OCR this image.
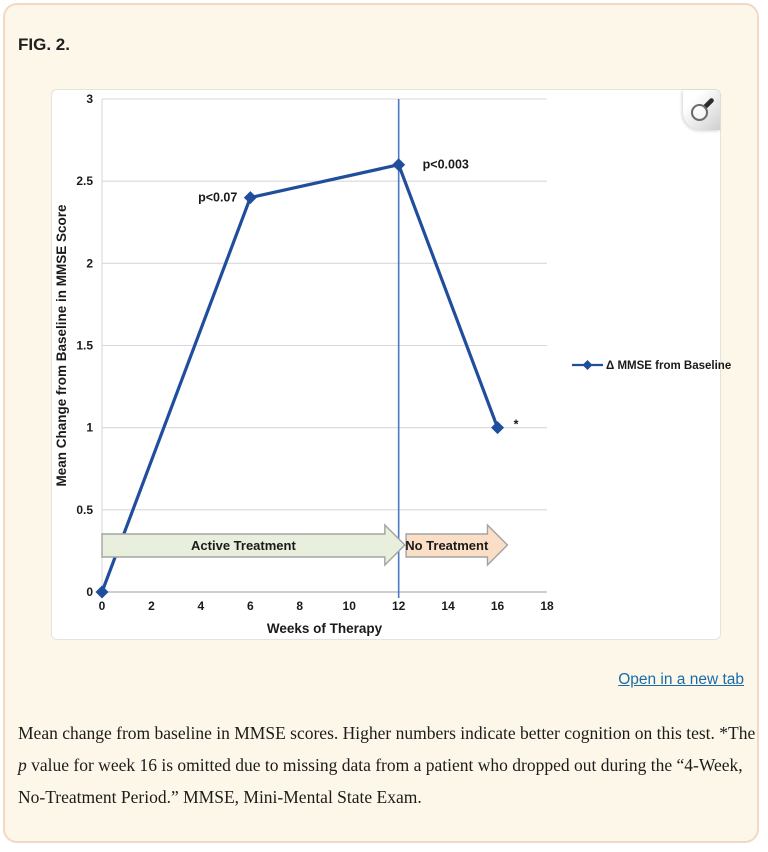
FIG. 2.
0
0.5
1
1.5
2
2.5
3
0	2	4	6	8	10	12	14	16	18
Weeks of Therapy
Mean Change from Baseline in MMSE Score
Active Treatment	No Treatment
p<0.07
p<0.003
*
Δ MMSE from Baseline
Open in a new tab

Mean change from baseline in MMSE scores. Higher numbers indicate better cognition on this test. *The p value for week 16 is omitted due to missing data from a patient who dropped out during the “4-Week, No-Treatment Period.” MMSE, Mini-Mental State Exam.
